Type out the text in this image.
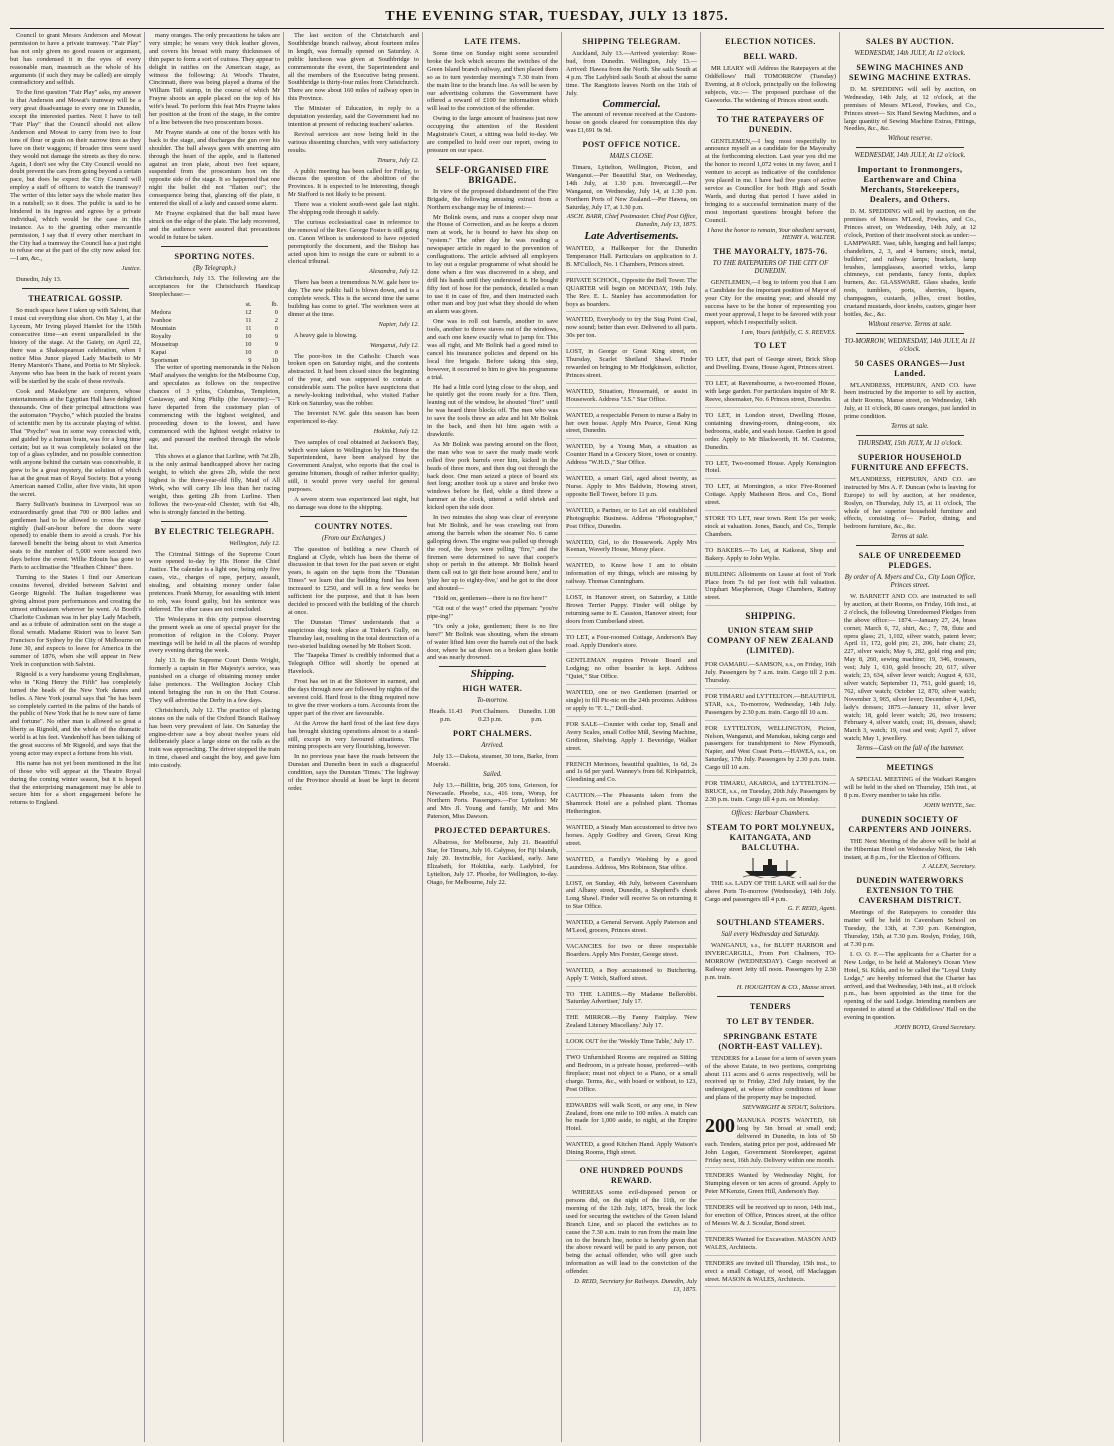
THE EVENING STAR, TUESDAY, JULY 13 1875.

Council to grant Messrs Anderson and Mowat permission to have a private tramway. "Fair Play" has not only given no good reason or argument, but has condensed it in the eyes of every reasonable man, inasmuch as the whole of his arguments (if such they may be called) are simply contradictory and selfish.

To the first question "Fair Play" asks, my answer is that Anderson and Mowat's tramway will be a very great disadvantage to every one in Dunedin, except the interested parties. Next I have to tell "Fair Play" that the Council should not allow Anderson and Mowat to carry from two to four tons of flour or grain on their narrow tires as they have on their waggons; if broader tires were used they would not damage the streets as they do now. Again, I don't see why the City Council would no doubt prevent the cars from going beyond a certain pace, but does he expect the City Council will employ a staff of officers to watch the tramway? The writer of this letter says the whole matter lies in a nutshell; so it does. The public is said to be hindered in its ingress and egress by a private individual, which would be the case in this instance. As to the granting other mercantile permission, I say that if every other merchant in the City had a tramway the Council has a just right to refuse one at the part of the city now asked for.—I am, &c.,

Justice.

Dunedin, July 13.

THEATRICAL GOSSIP.

So much space have I taken up with Salvini, that I must cut everything else short. On May 1, at the Lyceum, Mr Irving played Hamlet for the 150th consecutive time—an event unparalleled in the history of the stage. At the Gaiety, on April 22, there was a Shakespearean celebration, when I notice Miss Junor played Lady Macbeth to Mr Henry Marston's Thane, and Portia to Mr Shylock. Anyone who has been in the back of recent years will be startled by the scale of these revivals.

Cook and Maskelyne are conjurers, whose entertainments at the Egyptian Hall have delighted thousands. One of their principal attractions was the automaton "Psycho," which puzzled the brains of scientific men by its accurate playing of whist. That "Psycho" was in some way connected with, and guided by a human brain, was for a long time certain; but as it was completely isolated on the top of a glass cylinder, and no possible connection with anyone behind the curtain was conceivable, it grew to be a great mystery, the solution of which has at the great man of Royal Society. But a young American named Collie, after five visits, hit upon the secret.

Barry Sullivan's business in Liverpool was so extraordinarily great that 700 or 800 ladies and gentlemen had to be allowed to cross the stage nightly (half-an-hour before the doors were opened) to enable them to avoid a crush. For his farewell benefit the being about to visit America seats to the number of 5,000 were secured two days before the event. Willie Edouin has gone to Paris to acclimatise the "Heathen Chinee" there.

Turning to the States I find our American cousins fevered, divided between Salvini and George Rignold. The Italian tragedienne was giving almost pure performances and creating the utmost enthusiasm wherever he went. At Booth's Charlotte Cushman was in her play Lady Macbeth, and as a tribute of admiration sent on the stage a floral wreath. Madame Ristori was to leave San Francisco for Sydney by the City of Melbourne on June 30, and expects to leave for America in the summer of 1876, when she will appear in New York in conjunction with Salvini.

Rignold is a very handsome young Englishman, who in "King Henry the Fifth" has completely turned the heads of the New York dames and belles. A New York journal says that "he has been so completely carried in the palms of the hands of the public of New York that he is now sure of fame and fortune". No other man is allowed so great a liberty as Rignold, and the whole of the dramatic world is at his feet. Vandenhoff has been talking of the great success of Mr Rignold, and says that the young actor may expect a fortune from his visit.

His name has not yet been mentioned in the list of those who will appear at the Theatre Royal during the coming winter season, but it is hoped that the enterprising management may be able to secure him for a short engagement before he returns to England.

many oranges. The only precautions he takes are very simple; he wears very thick leather gloves, and covers his breast with many thicknesses of thin paper to form a sort of cuirass. They appear to delight in ratifies on the American stage, as witness the following: At Wood's Theatre, Cincinnati, there was being played a drama of the William Tell stamp, in the course of which Mr Frayne shoots an apple placed on the top of his wife's head. To perform this feat Mrs Frayne takes her position at the front of the stage, in the centre of a line between the two proscenium boxes.

Mr Frayne stands at one of the boxes with his back to the stage, and discharges the gun over his shoulder. The ball always goes with unerring aim through the heart of the apple, and is flattened against an iron plate, about two feet square, suspended from the proscenium box on the opposite side of the stage. It so happened that one night the bullet did not "flatten out"; the consequence being that, glancing off the plate, it entered the skull of a lady and caused some alarm.

Mr Frayne explained that the ball must have struck on the edge of the plate. The lady recovered, and the audience were assured that precautions would in future be taken.

SPORTING NOTES.
(By Telegraph.)

Christchurch, July 13. The following are the acceptances for the Christchurch Handicap Steeplechase:—

	st.	lb.
Medora	12	0
Ivanhoe	11	2
Mountain	11	0
Royalty	10	9
Mousetrap	10	9
Kapai	10	0
Sportsman	9	10

The writer of sporting memoranda in the Nelson 'Mail' analyses the weights for the Melbourne Cup, and speculates as follows on the respective chances of 3 yrlins, Columbus, Templeton, Castaway, and King Philip (the favourite):—"I have departed from the customary plan of commencing with the highest weighted, and proceeding down to the lowest, and have commenced with the lightest weight relative to age, and pursued the method through the whole list.

This shows at a glance that Lurline, with 7st 2lb, is the only animal handicapped above her racing weight, to which she gives 2lb, while the next highest is the three-year-old filly, Maid of All Work, who will carry 1lb less than her racing weight, thus getting 2lb from Lurline. Then follows the two-year-old Chester, with 6st 4lb, who is strongly fancied in the betting.

BY ELECTRIC TELEGRAPH.
Wellington, July 12.

The Criminal Sittings of the Supreme Court were opened to-day by His Honor the Chief Justice. The calendar is a light one, being only five cases, viz., charges of rape, perjury, assault, stealing, and obtaining money under false pretences. Frank Murray, for assaulting with intent to rob, was found guilty, but his sentence was deferred. The other cases are not concluded.

The Wesleyans in this city purpose observing the present week as one of special prayer for the promotion of religion in the Colony. Prayer meetings will be held in all the places of worship every evening during the week.

July 13. In the Supreme Court Denis Wright, formerly a captain in Her Majesty's service, was punished on a charge of obtaining money under false pretences. The Wellington Jockey Club intend bringing the run in on the Hutt Course. They will advertise the Derby in a few days.

Christchurch, July 12. The practice of placing stones on the rails of the Oxford Branch Railway has been very prevalent of late. On Saturday the engine-driver saw a boy about twelve years old deliberately place a large stone on the rails as the train was approaching. The driver stopped the train in time, chased and caught the boy, and gave him into custody.

The last section of the Christchurch and Southbridge branch railway, about fourteen miles in length, was formally opened on Saturday. A public luncheon was given at Southbridge to commemorate the event, the Superintendent and all the members of the Executive being present. Southbridge is thirty-four miles from Christchurch. There are now about 160 miles of railway open in this Province.

The Minister of Education, in reply to a deputation yesterday, said the Government had no intention at present of reducing teachers' salaries.

Revival services are now being held in the various dissenting churches, with very satisfactory results.

Timaru, July 12.

A public meeting has been called for Friday, to discuss the question of the abolition of the Provinces. It is expected to be interesting, though Mr Stafford is not likely to be present.

There was a violent south-west gale last night. The shipping rode through it safely.

The curious ecclesiastical case in reference to the removal of the Rev. George Foster is still going on. Canon Wilson is understood to have rejected peremptorily the document, and the Bishop has acted upon him to resign the cure or submit to a clerical tribunal.

Alexandra, July 12.

There has been a tremendous N.W. gale here to-day. The new public hall is blown down, and is a complete wreck. This is the second time the same building has come to grief. The workmen were at dinner at the time.

Napier, July 12.

A heavy gale is blowing.

Wanganui, July 12.

The poor-box in the Catholic Church was broken open on Saturday night, and the contents abstracted. It had been closed since the beginning of the year, and was supposed to contain a considerable sum. The police have suspicions that a newly-looking individual, who visited Father Kirk on Saturday, was the robber.

The Inverstet N.W. gale this season has been experienced to-day.

Hokitika, July 12.

Two samples of coal obtained at Jackson's Bay, which were taken to Wellington by his Honor the Superintendent, have been analysed by the Government Analyst, who reports that the coal is genuine bitumen, though of rather inferior quality; still, it would prove very useful for general purposes.

A severe storm was experienced last night, but no damage was done to the shipping.

COUNTRY NOTES.
(From our Exchanges.)

The question of building a new Church of England at Clyde, which has been the theme of discussion in that town for the past seven or eight years, is again on the tapis from the "Dunstan Times" we learn that the building fund has been increased to £250, and will in a few weeks be sufficient for the purpose, and that it has been decided to proceed with the building of the church at once.

The Dunstan 'Times' understands that a suspicious dog took place at Tinker's Gully, on Thursday last, resulting in the total destruction of a two-storied building owned by Mr Robert Scott.

The 'Taapeka Times' is credibly informed that a Telegraph Office will shortly be opened at Havelock.

Frost has set in at the Shotover in earnest, and the days through now are followed by nights of the severest cold. Hard frost is the thing required now to give the river workers a turn. Accounts from the upper part of the river are favourable.

At the Arrow the hard frost of the last few days has brought sluicing operations almost to a stand-still, except in very favoured situations. The mining prospects are very flourishing, however.

In no previous year have the roads between the Dunstan and Dunedin been in such a disgraceful condition, says the Dunstan 'Times.' The highway of the Province should at least be kept in decent order.

LATE ITEMS.

Some time on Sunday night some scoundrel broke the lock which secures the switches of the Green Island branch railway, and then placed them so as to turn yesterday morning's 7.30 train from the main line to the branch line. As will be seen by our advertising columns the Government have offered a reward of £100 for information which will lead to the conviction of the offender.

Owing to the large amount of business just now occupying the attention of the Resident Magistrate's Court, a sitting was held to-day. We are compelled to hold over our report, owing to pressure on our space.

SELF-ORGANISED FIRE BRIGADE.

In view of the proposed disbandment of the Fire Brigade, the following amusing extract from a Northern exchange may be of interest:—

Mr Bolink owns, and runs a cooper shop near the House of Correction, and as he keeps a dozen men at work, he is bound to have his shop on "system." The other day he was reading a newspaper article in regard to the prevention of conflagrations. The article advised all employers to lay out a regular programme of what should be done when a fire was discovered in a shop, and drill his hands until they understood it. He bought fifty feet of hose for the penstock, detailed a man to use it in case of fire, and then instructed each other man and boy just what they should do when an alarm was given.

One was to roll out barrels, another to save tools, another to throw staves out of the windows, and each one knew exactly what to jump for. This was all right, and Mr Bolink had a good mind to cancel his insurance policies and depend on his local fire brigade. Before taking this step, however, it occurred to him to give his programme a trial.

He had a little cord lying close to the shop, and he quietly got the room ready for a fire. Then, leaning out of the window, he shouted "fire!" until he was heard three blocks off. The men who was to save the tools threw an adze and hit Mr Bolink in the back, and then hit him again with a drawknife.

As Mr Bolink was pawing around on the floor, the man who was to save the ready made work rolled five pork barrels over him, kicked in the heads of three more, and then dug out through the back door. One man seized a piece of board six feet long; another took up a stave and broke two windows before he fled, while a third threw a hammer at the clock, uttered a wild shriek and kicked open the side door.

In two minutes the shop was clear of everyone but Mr Bolink, and he was crawling out from among the barrels when the steamer No. 6 came galloping down. The engine was pulled up through the roof, the boys were yelling "fire," and the firemen were determined to save that cooper's shop or perish in the attempt. Mr Bolink heard them call out to 'git their hose around here,' and to 'play her up to eighty-five,' and he got to the door and shouted—

"Hold on, gentlemen—there is no fire here!"

"Git out o' the way!" cried the pipeman: "you're pipe-ing!"

"It's only a joke, gentlemen; there is no fire here!" Mr Bolink was shouting, when the stream of water lifted him over the barrels out of the back door, where he sat down on a broken glass bottle and was nearly drowned.

Shipping.
HIGH WATER.
To-morrow.
Heads. 11.43 p.m.	Port Chalmers. 0.23 p.m.	Dunedin. 1.08 p.m.
PORT CHALMERS.
Arrived.

July 13.—Dakota, steamer, 30 tons, Barke, from Moeraki.

Sailed.

July 13.—Billitin, brig, 205 tons, Grierson, for Newcastle. Phoebe, s.s., 416 tons, Worsp, for Northern Ports. Passengers.—For Lyttelton: Mr and Mrs Jl. Young and family, Mr and Mrs Paterson, Miss Dawson.

PROJECTED DEPARTURES.

Albatross, for Melbourne, July 21. Beautiful Star, for Timaru, July 16. Calypso, for Fiji Islands, July 20. Invincible, for Auckland, early. Jane Elizabeth, for Hokitika, early. Ladybird, for Lyttelton, July 17. Phoebe, for Wellington, to-day. Otago, for Melbourne, July 22.

SHIPPING TELEGRAM.

Auckland, July 13.—Arrived yesterday: Rose-bud, from Dunedin. Wellington, July 13.—Arrived: Hawea from the North. She sails South at 4 p.m. The Ladybird sails South at about the same time. The Rangitoto leaves North on the 16th of July.

Commercial.

The amount of revenue received at the Custom-house on goods cleared for consumption this day was £1,691 9s 9d.

POST OFFICE NOTICE.
MAILS CLOSE.

Timaru, Lyttelton, Wellington, Picton, and Wanganui.—Per Beautiful Star, on Wednesday, 14th July, at 1.30 p.m. Invercargill.—Per Wanganui, on Wednesday, July 14, at 1.30 p.m. Northern Ports of New Zealand.—Per Hawea, on Saturday, July 17, at 1.30 p.m.

ASCH. BARR, Chief Postmaster. Chief Post Office, Dunedin, July 13, 1875.
Late Advertisements.
WANTED, a Hallkeeper for the Dunedin Temperance Hall. Particulars on application to J. B. M'Culloch, No. 1 Chambers, Princes street.
PRIVATE SCHOOL, Opposite the Bell Tower. The QUARTER will begin on MONDAY, 19th July. The Rev. E. L. Stanley has accommodation for boys as boarders.
WANTED, Everybody to try the Stag Point Coal, now sound; better than ever. Delivered to all parts. 30s per ton.
LOST, in George or Great King street, on Thursday, Scarlet Shetland Shawl. Finder rewarded on bringing to Mr Hodgkinson, solicitor, Princes street.
WANTED, Situation, Housemaid, or assist in Housework. Address "J.S." Star Office.
WANTED, a respectable Person to nurse a Baby in her own house. Apply Mrs Pearce, Great King street, Dunedin.
WANTED, by a Young Man, a situation as Counter Hand in a Grocery Store, town or country. Address "W.H.D.," Star Office.
WANTED, a smart Girl, aged about twenty, as Nurse. Apply to Mrs Baldwin, Howing street, opposite Bell Tower, before 11 p.m.
WANTED, a Partner, or to Let an old established Photographic Business. Address "Photographer," Post Office, Dunedin.
WANTED, Girl, to do Housework. Apply Mrs Keenan, Waverly House, Moray place.
WANTED, to Know how I am to obtain information of my things, which are missing by railway. Thomas Cunningham.
LOST, in Hanover street, on Saturday, a Little Brown Terrier Puppy. Finder will oblige by returning same to E. Causton, Hanover street; four doors from Cumberland street.
TO LET, a Four-roomed Cottage, Anderson's Bay road. Apply Dundon's store.
GENTLEMAN requires Private Board and Lodging; no other boarder is kept. Address "Quiet," Star Office.
WANTED, one or two Gentlemen (married or single) to fill Pic-nic on the 24th proximo. Address or apply to "F. L.," Drill-shed.
FOR SALE—Counter with cedar top, Small and Avery Scales, small Coffee Mill, Sewing Machine, Gridiron, Shelving. Apply J. Beveridge, Walker street.
FRENCH Merinoes, beautiful qualities, 1s 6d, 2s and 1s 6d per yard. Wanney's from 6d. Kirkpatrick, Glendining and Co.
CAUTION.—The Pheasants taken from the Shamrock Hotel are a polished plant. Thomas Hetherington.
WANTED, a Steady Man accustomed to drive two horses. Apply Godfrey and Green, Great King street.
WANTED, a Family's Washing by a good Laundress. Address, Mrs Robinson, Star office.
LOST, on Sunday, 4th July, between Caversham and Albany street, Dunedin, a Shepherd's cheek Long Shawl. Finder will receive 5s on returning it to Star Office.
WANTED, a General Servant. Apply Paterson and M'Leod, grocers, Princes street.
VACANCIES for two or three respectable Boarders. Apply Mrs Forster, George street.
WANTED, a Boy accustomed to Butchering. Apply T. Veitch, Stafford street.
TO THE LADIES.—By Madame Bellerobbi. 'Saturday Advertiser,' July 17.
THE MIRROR.—By Fanny Fairplay. 'New Zealand Literary Miscellany.' July 17.
LOOK OUT for the 'Weekly Time Table,' July 17.
TWO Unfurnished Rooms are required as Sitting and Bedroom, in a private house, preferred—with fireplace; must not object to a Piano, or a small charge. Terms, &c., with board or without, to 123, Post Office.
EDWARDS will walk Scott, or any one, in New Zealand, from one mile to 100 miles. A match can be made for 1,000 aside, to night, at the Empire Hotel.
WANTED, a good Kitchen Hand. Apply Watson's Dining Rooms, High street.
ONE HUNDRED POUNDS REWARD.

WHEREAS some evil-disposed person or persons did, on the night of the 11th, or the morning of the 12th July, 1875, break the lock used for securing the switches of the Green Island Branch Line, and so placed the switches as to cause the 7.30 a.m. train to run from the main line on to the branch line, notice is hereby given that the above reward will be paid to any person, not being the actual offender, who will give such information as will lead to the conviction of the offender.

D. REID, Secretary for Railways. Dunedin, July 13, 1875.
ELECTION NOTICES.
BELL WARD.

MR LEARY will Address the Ratepayers at the Oddfellows' Hall TOMORROW (Tuesday) Evening, at 8 o'clock, principally on the following subjects, viz.:— The proposed purchase of the Gasworks. The widening of Princes street south.

TO THE RATEPAYERS OF DUNEDIN.

GENTLEMEN,—I beg most respectfully to announce myself as a candidate for the Mayoralty at the forthcoming election. Last year you did me the honor to record 1,072 votes in my favor, and I venture to accept as indicative of the confidence you placed in me. I have had five years of active service as Councillor for both High and South Wards, and during that period I have aided in bringing to a successful termination many of the most important questions brought before the Council.

I have the honor to remain, Your obedient servant, HENRY A. WALTER.
THE MAYORALTY, 1875-76.
TO THE RATEPAYERS OF THE CITY OF DUNEDIN.

GENTLEMEN,—I beg to inform you that I am a Candidate for the important position of Mayor of your City for the ensuing year; and should my success have to be the honor of representing you meet your approval, I hope to be favored with your support, which I respectfully solicit.

I am, Yours faithfully, C. S. REEVES.
TO LET
TO LET, that part of George street, Brick Shop and Dwelling. Evans, House Agent, Princes street.
TO LET, at Ravensbourne, a two-roomed House, with large garden. For particulars inquire of Mr R. Reeve, shoemaker, No. 6 Princes street, Dunedin.
TO LET, in London street, Dwelling House, containing drawing-room, dining-room, six bedrooms, stable, and wash house. Garden in good order. Apply to Mr Blackworth, H. M. Customs, Dunedin.
TO LET, Two-roomed House. Apply Kensington Hotel.
TO LET, at Mornington, a nice Five-Roomed Cottage. Apply Matheson Bros. and Co., Bond street.
STORE TO LET, near town. Rent 15s per week; stock at valuation. Jones, Bauch, and Co., Temple Chambers.
TO BAKERS.—To Let, at Kaikorai, Shop and Bakery. Apply to John Wylie.
BUILDING Allotments on Lease at foot of York Place from 7s 6d per foot with full valuation. Urquhart Macpherson, Otago Chambers, Rattray street.
SHIPPING.
UNION STEAM SHIP COMPANY OF NEW ZEALAND (LIMITED).
FOR OAMARU.—SAMSON, s.s., on Friday, 16th July. Passengers by 7 a.m. train. Cargo till 2 p.m. Thursday.
FOR TIMARU and LYTTELTON.—BEAUTIFUL STAR, s.s., To-morrow, Wednesday, 14th July. Passengers by 2.30 p.m. train. Cargo till 10 a.m.
FOR LYTTELTON, WELLINGTON, Picton, Nelson, Wanganui, and Manukau, taking cargo and passengers for transhipment to New Plymouth, Napier, and West Coast Ports.—HAWEA, s.s., on Saturday, 17th July. Passengers by 2.30 p.m. train. Cargo till 10 a.m.
FOR TIMARU, AKAROA, and LYTTELTON.—BRUCE, s.s., on Tuesday, 20th July. Passengers by 2.30 p.m. train. Cargo till 4 p.m. on Monday.
Offices: Harbour Chambers.
STEAM TO PORT MOLYNEUX, KAITANGATA, AND BALCLUTHA.

THE s.s. LADY OF THE LAKE will sail for the above Ports To-morrow (Wednesday), 14th July. Cargo and passengers till 4 p.m.

G. F. REID, Agent.
SOUTHLAND STEAMERS.
Sail every Wednesday and Saturday.

WANGANUI, s.s., for BLUFF HARBOR and INVERCARGILL, From Port Chalmers, TO-MORROW (WEDNESDAY). Cargo received at Railway street Jetty till noon. Passengers by 2.30 p.m. train.

H. HOUGHTON & CO., Manse street.
TENDERS
TO LET BY TENDER.
SPRINGBANK ESTATE (NORTH-EAST VALLEY).

TENDERS for a Lease for a term of seven years of the above Estate, in two portions, comprising about 111 acres and 6 acres respectively, will be received up to Friday, 23rd July instant, by the undersigned, at whose office conditions of lease and plans of the property may be inspected.

SIEVWRIGHT & STOUT, Solicitors.
200 MANUKA POSTS WANTED, 6ft long by 5in broad at small end; delivered in Dunedin, in lots of 50 each. Tenders, stating price per post, addressed Mr John Logan, Government Storekeeper, against Friday next, 16th July. Delivery within one month.
TENDERS Wanted by Wednesday Night, for Stumping eleven or ten acres of ground. Apply to Peter M'Kenzie, Green Hill, Anderson's Bay.
TENDERS will be received up to noon, 14th inst., for erection of Office, Princes street, at the office of Messrs W. & J. Scoular, Bond street.
TENDERS Wanted for Excavation. MASON AND WALES, Architects.
TENDERS are invited till Thursday, 15th inst., to erect a small Cottage, of wood, off Maclaggan street. MASON & WALES, Architects.
SALES BY AUCTION.
WEDNESDAY, 14th JULY, At 12 o'clock.
SEWING MACHINES AND SEWING MACHINE EXTRAS.

D. M. SPEDDING will sell by auction, on Wednesday, 14th July, at 12 o'clock, at the premises of Messrs M'Leod, Fowkes, and Co., Princes street— Six Hand Sewing Machines, and a large quantity of Sewing Machine Extras, Fittings, Needles, &c., &c.

Without reserve.
WEDNESDAY, 14th JULY, At 12 o'clock.
Important to Ironmongers, Earthenware and China Merchants, Storekeepers, Dealers, and Others.

D. M. SPEDDING will sell by auction, on the premises of Messrs M'Leod, Fowkes, and Co., Princes street, on Wednesday, 14th July, at 12 o'clock, Portion of their insolvent stock as under:— LAMPWARE. Vase, table, hanging and hall lamps; chandeliers, 2, 3, and 4 burners; stock, metal, builders', and railway lamps; brackets, lamp brushes, lampglasses, assorted wicks, lamp chimneys, cut pendants, fancy fonts, duplex burners, &c. GLASSWARE. Glass shades, knife rests, tumblers, ports, sherries, liquers, champagnes, custards, jellies, cruet bottles, cruetand mustards, door knobs, castors, ginger beer bottles, &c., &c.

Without reserve. Terms at sale.
TO-MORROW, WEDNESDAY, 14th JULY, At 11 o'clock.
50 CASES ORANGES—Just Landed.

M'LANDRESS, HEPBURN, AND CO. have been instructed by the importer to sell by auction, at their Rooms, Manse street, on Wednesday, 14th July, at 11 o'clock, 80 cases oranges, just landed in prime condition.

Terms at sale.
THURSDAY, 15th JULY, At 11 o'clock.
SUPERIOR HOUSEHOLD FURNITURE AND EFFECTS.

M'LANDRESS, HEPBURN, AND CO. are instructed by Mrs A. F. Duncan (who is leaving for Europe) to sell by auction, at her residence, Roslyn, on Thursday, July 15, at 11 o'clock, The whole of her superior household furniture and effects, consisting of— Parlor, dining, and bedroom furniture, &c., &c.

Terms at sale.
SALE OF UNREDEEMED PLEDGES.
By order of A. Myers and Co., City Loan Office, Princes street.

W. BARNETT AND CO. are instructed to sell by auction, at their Rooms, on Friday, 16th inst., at 2 o'clock, the following Unredeemed Pledges from the above office:— 1874.—January 27, 24, brass cornet; March 6, 72, shirt, &c.; 7, 78, flute and opera glass; 21, 1,102, silver watch, patent lever; April 11, 172, gold pin; 21, 206, hair chain; 23, 227, silver watch; May 6, 282, gold ring and pin; May 8, 260, sewing machine; 19, 346, trousers, vest; July 1, 610, gold brooch; 20, 617, silver watch; 23, 634, silver lever watch; August 4, 631, silver watch; September 11, 751, gold guard; 16, 762, silver watch; October 12, 870, silver watch; November 3, 965, silver lever; December 4, 1,045, lady's dresses; 1875.—January 11, silver lever watch; 18, gold lever watch; 26, two trousers; February 4, silver watch, coat; 16, dresses, shawl; March 3, watch; 19, coat and vest; April 7, silver watch; May 1, jewellery.

Terms—Cash on the fall of the hammer.
MEETINGS

A SPECIAL MEETING of the Waikari Rangers will be held in the shed on Thursday, 15th inst., at 8 p.m. Every member to take his rifle.

JOHN WHYTE, Sec.
DUNEDIN SOCIETY OF CARPENTERS AND JOINERS.

THE Next Meeting of the above will be held at the Hibernian Hotel on Wednesday Next, the 14th instant, at 8 p.m., for the Election of Officers.

J. ALLEN, Secretary.
DUNEDIN WATERWORKS EXTENSION TO THE CAVERSHAM DISTRICT.

Meetings of the Ratepayers to consider this matter will be held in Caversham School on Tuesday, the 13th, at 7.30 p.m. Kensington, Thursday, 15th, at 7.30 p.m. Roslyn, Friday, 16th, at 7.30 p.m.

I. O. O. F.—The applicants for a Charter for a New Lodge, to be held at Maloney's Ocean View Hotel, St. Kilda, and to be called the "Loyal Unity Lodge," are hereby informed that the Charter has arrived, and that Wednesday, 14th inst., at 8 o'clock p.m., has been appointed as the time for the opening of the said Lodge. Intending members are requested to attend at the Oddfellows' Hall on the evening in question.

JOHN BOYD, Grand Secretary.
